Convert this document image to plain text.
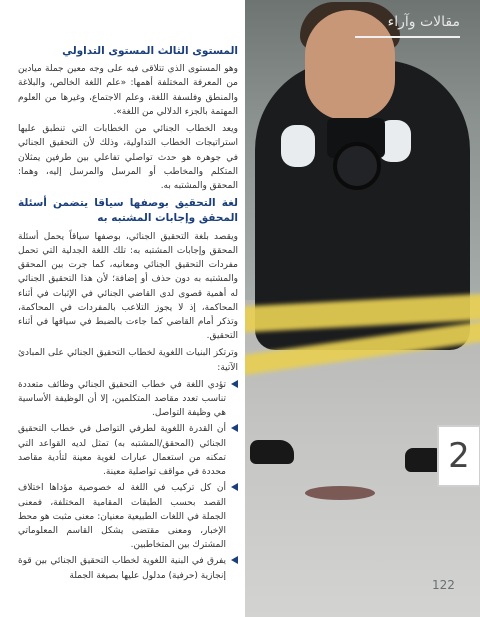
2
مقالات وآراء

المستوى الثالث المستوى التداولي

وهو المستوى الذي تتلاقى فيه على وجه معين جملة ميادين من المعرفة المختلفة أهمها: «علم اللغة الخالص، والبلاغة والمنطق وفلسفة اللغة، وعلم الاجتماع، وغيرها من العلوم المهتمة بالجزء الدلالي من اللغة».

ويعد الخطاب الجنائي من الخطابات التي تنطبق عليها استراتيجات الخطاب التداولية، وذلك لأن التحقيق الجنائي في جوهره هو حدث تواصلي تفاعلي بين طرفين يمثلان المتكلم والمخاطب أو المرسل والمرسل إليه، وهما: المحقق والمشتبه به.

لغة التحقيق بوصفها سياقا يتضمن أسئلة المحقق وإجابات المشتبه به

ويقصد بلغة التحقيق الجنائي، بوصفها سياقاً يحمل أسئلة المحقق وإجابات المشتبه به: تلك اللغة الجدلية التي تحمل مفردات التحقيق الجنائي ومعانيه، كما جرت بين المحقق والمشتبه به دون حذف أو إضافة؛ لأن هذا التحقيق الجنائي له أهمية قصوى لدى القاضي الجنائي في الإثبات في أثناء المحاكمة، إذ لا يجوز التلاعب بالمفردات في المحاكمة، وتذكر أمام القاضي كما جاءت بالضبط في سياقها في أثناء التحقيق.

وترتكز البنيات اللغوية لخطاب التحقيق الجنائي على المبادئ الآتية:

تؤدي اللغة في خطاب التحقيق الجنائي وظائف متعددة تناسب تعدد مقاصد المتكلمين، إلا أن الوظيفة الأساسية هي وظيفة التواصل.

أن القدرة اللغوية لطرفي التواصل في خطاب التحقيق الجنائي (المحقق/المشتبه به) تمثل لديه القواعد التي تمكنه من استعمال عبارات لغوية معينة لتأدية مقاصد محددة في مواقف تواصلية معينة.

أن كل تركيب في اللغة له خصوصية مؤداها اختلاف القصد بحسب الطبقات المقامية المختلفة، فمعنى الجملة في اللغات الطبيعية معنيان: معنى مثبت هو محط الإخبار، ومعنى مقتضى يشكل القاسم المعلوماتي المشترك بين المتخاطبين.

يفرق في البنية اللغوية لخطاب التحقيق الجنائي بين قوة إنجازية (حرفية) مدلول عليها بصيغة الجملة

122
